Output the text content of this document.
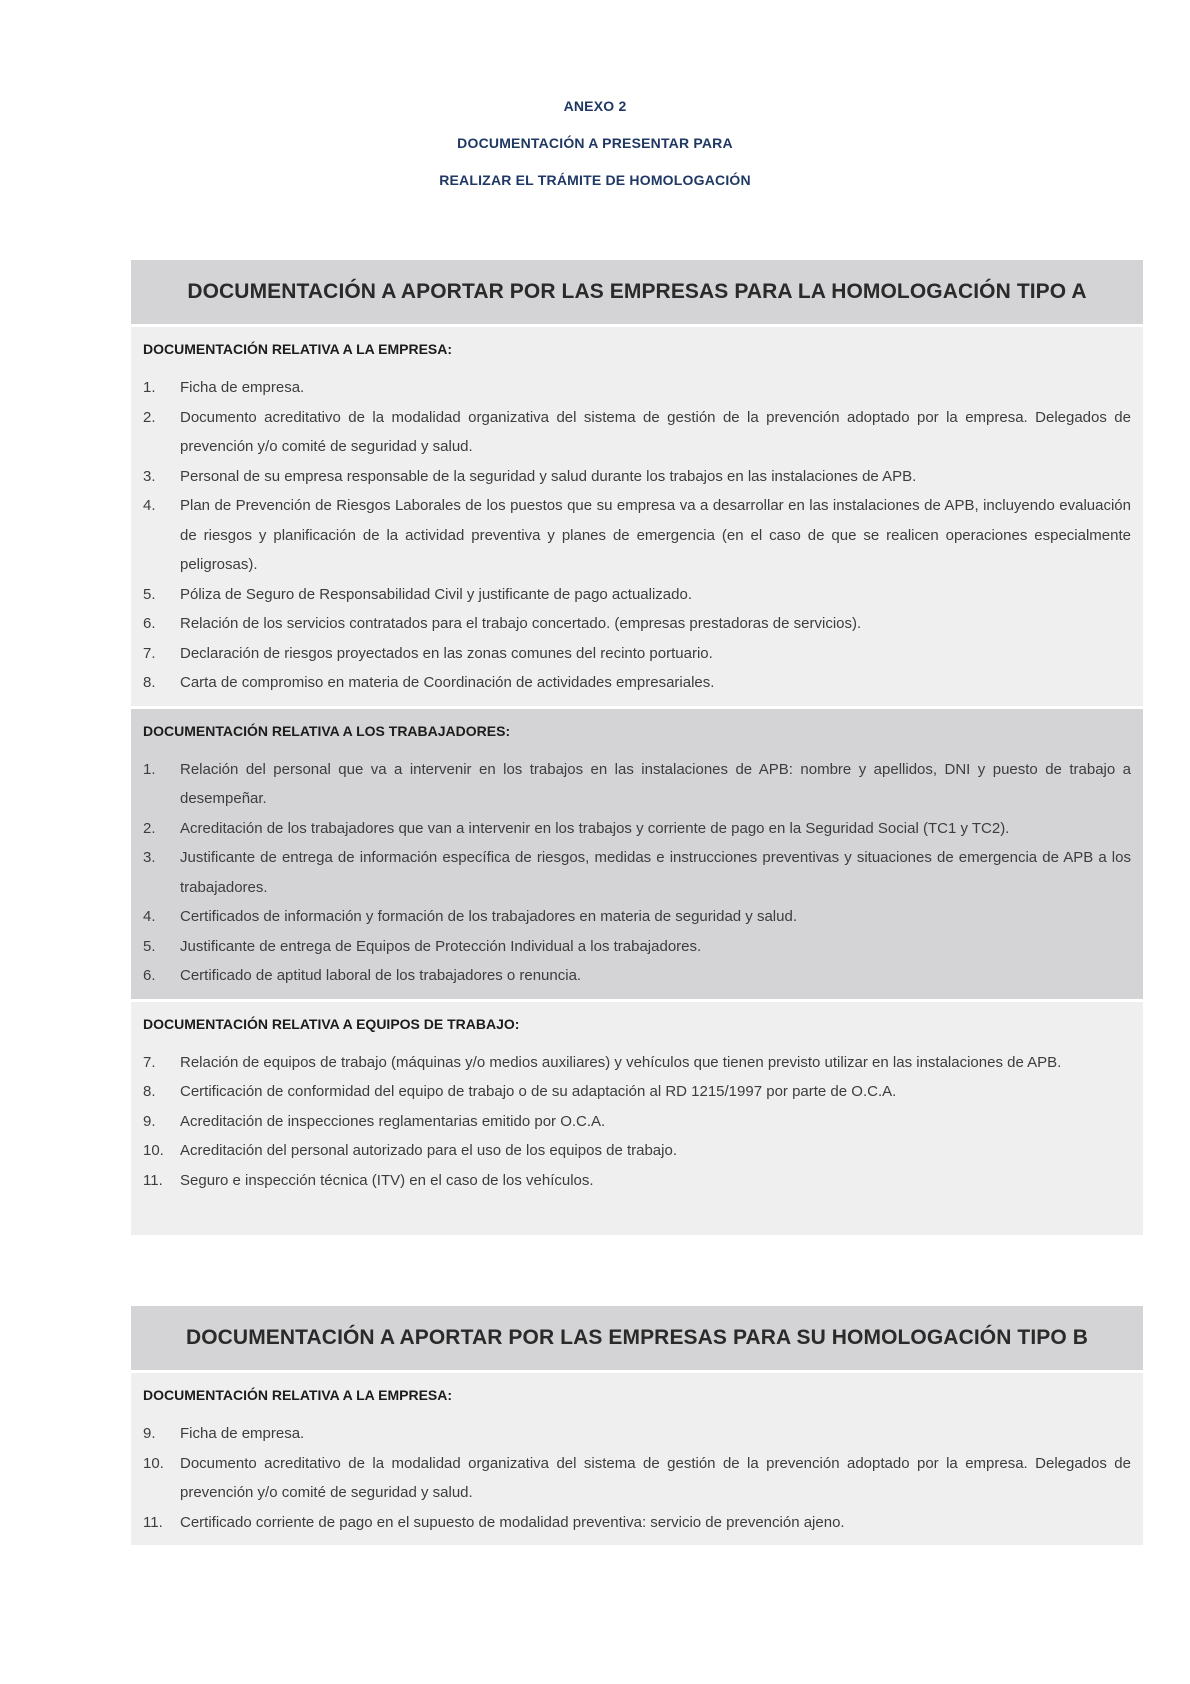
ANEXO 2

DOCUMENTACIÓN A PRESENTAR PARA

REALIZAR EL TRÁMITE DE HOMOLOGACIÓN

DOCUMENTACIÓN A APORTAR POR LAS EMPRESAS PARA LA HOMOLOGACIÓN TIPO A
DOCUMENTACIÓN RELATIVA A LA EMPRESA:
1.	Ficha de empresa.
2.	Documento acreditativo de la modalidad organizativa del sistema de gestión de la prevención adoptado por la empresa. Delegados de prevención y/o comité de seguridad y salud.
3.	Personal de su empresa responsable de la seguridad y salud durante los trabajos en las instalaciones de APB.
4.	Plan de Prevención de Riesgos Laborales de los puestos que su empresa va a desarrollar en las instalaciones de APB, incluyendo evaluación de riesgos y planificación de la actividad preventiva y planes de emergencia (en el caso de que se realicen operaciones especialmente peligrosas).
5.	Póliza de Seguro de Responsabilidad Civil y justificante de pago actualizado.
6.	Relación de los servicios contratados para el trabajo concertado. (empresas prestadoras de servicios).
7.	Declaración de riesgos proyectados en las zonas comunes del recinto portuario.
8.	Carta de compromiso en materia de Coordinación de actividades empresariales.
DOCUMENTACIÓN RELATIVA A LOS TRABAJADORES:
1.	Relación del personal que va a intervenir en los trabajos en las instalaciones de APB: nombre y apellidos, DNI y puesto de trabajo a desempeñar.
2.	Acreditación de los trabajadores que van a intervenir en los trabajos y corriente de pago en la Seguridad Social (TC1 y TC2).
3.	Justificante de entrega de información específica de riesgos, medidas e instrucciones preventivas y situaciones de emergencia de APB a los trabajadores.
4.	Certificados de información y formación de los trabajadores en materia de seguridad y salud.
5.	Justificante de entrega de Equipos de Protección Individual a los trabajadores.
6.	Certificado de aptitud laboral de los trabajadores o renuncia.
DOCUMENTACIÓN RELATIVA A EQUIPOS DE TRABAJO:
7.	Relación de equipos de trabajo (máquinas y/o medios auxiliares) y vehículos que tienen previsto utilizar en las instalaciones de APB.
8.	Certificación de conformidad del equipo de trabajo o de su adaptación al RD 1215/1997 por parte de O.C.A.
9.	Acreditación de inspecciones reglamentarias emitido por O.C.A.
10.	Acreditación del personal autorizado para el uso de los equipos de trabajo.
11.	Seguro e inspección técnica (ITV) en el caso de los vehículos.
DOCUMENTACIÓN A APORTAR POR LAS EMPRESAS PARA SU HOMOLOGACIÓN TIPO B
DOCUMENTACIÓN RELATIVA A LA EMPRESA:
9.	Ficha de empresa.
10.	Documento acreditativo de la modalidad organizativa del sistema de gestión de la prevención adoptado por la empresa. Delegados de prevención y/o comité de seguridad y salud.
11.	Certificado corriente de pago en el supuesto de modalidad preventiva: servicio de prevención ajeno.
